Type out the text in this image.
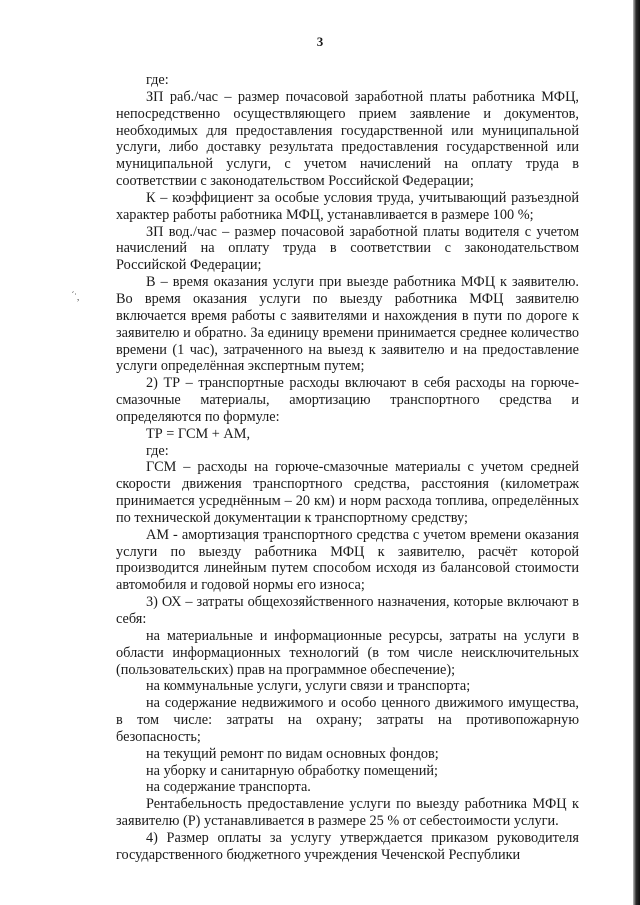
3
́˙,

где:

ЗП раб./час – размер почасовой заработной платы работника МФЦ, непосредственно осуществляющего прием заявление и документов, необходимых для предоставления государственной или муниципальной услуги, либо доставку результата предоставления государственной или муниципальной услуги, с учетом начислений на оплату труда в соответствии с законодательством Российской Федерации;

К – коэффициент за особые условия труда, учитывающий разъездной характер работы работника МФЦ, устанавливается в размере 100 %;

ЗП вод./час – размер почасовой заработной платы водителя с учетом начислений на оплату труда в соответствии с законодательством Российской Федерации;

В – время оказания услуги при выезде работника МФЦ к заявителю. Во время оказания услуги по выезду работника МФЦ заявителю включается время работы с заявителями и нахождения в пути по дороге к заявителю и обратно. За единицу времени принимается среднее количество времени (1 час), затраченного на выезд к заявителю и на предоставление услуги определённая экспертным путем;

2) ТР – транспортные расходы включают в себя расходы на горюче-смазочные материалы, амортизацию транспортного средства и определяются по формуле:

ТР = ГСМ + АМ,

где:

ГСМ – расходы на горюче-смазочные материалы с учетом средней скорости движения транспортного средства, расстояния (километраж принимается усреднённым – 20 км) и норм расхода топлива, определённых по технической документации к транспортному средству;

АМ - амортизация транспортного средства с учетом времени оказания услуги по выезду работника МФЦ к заявителю, расчёт которой производится линейным путем способом исходя из балансовой стоимости автомобиля и годовой нормы его износа;

3) ОХ – затраты общехозяйственного назначения, которые включают в себя:

на материальные и информационные ресурсы, затраты на услуги в области информационных технологий (в том числе неисключительных (пользовательских) прав на программное обеспечение);

на коммунальные услуги, услуги связи и транспорта;

на содержание недвижимого и особо ценного движимого имущества, в том числе: затраты на охрану; затраты на противопожарную безопасность;

на текущий ремонт по видам основных фондов;

на уборку и санитарную обработку помещений;

на содержание транспорта.

Рентабельность предоставление услуги по выезду работника МФЦ к заявителю (Р) устанавливается в размере 25 % от себестоимости услуги.

4) Размер оплаты за услугу утверждается приказом руководителя государственного бюджетного учреждения Чеченской Республики
